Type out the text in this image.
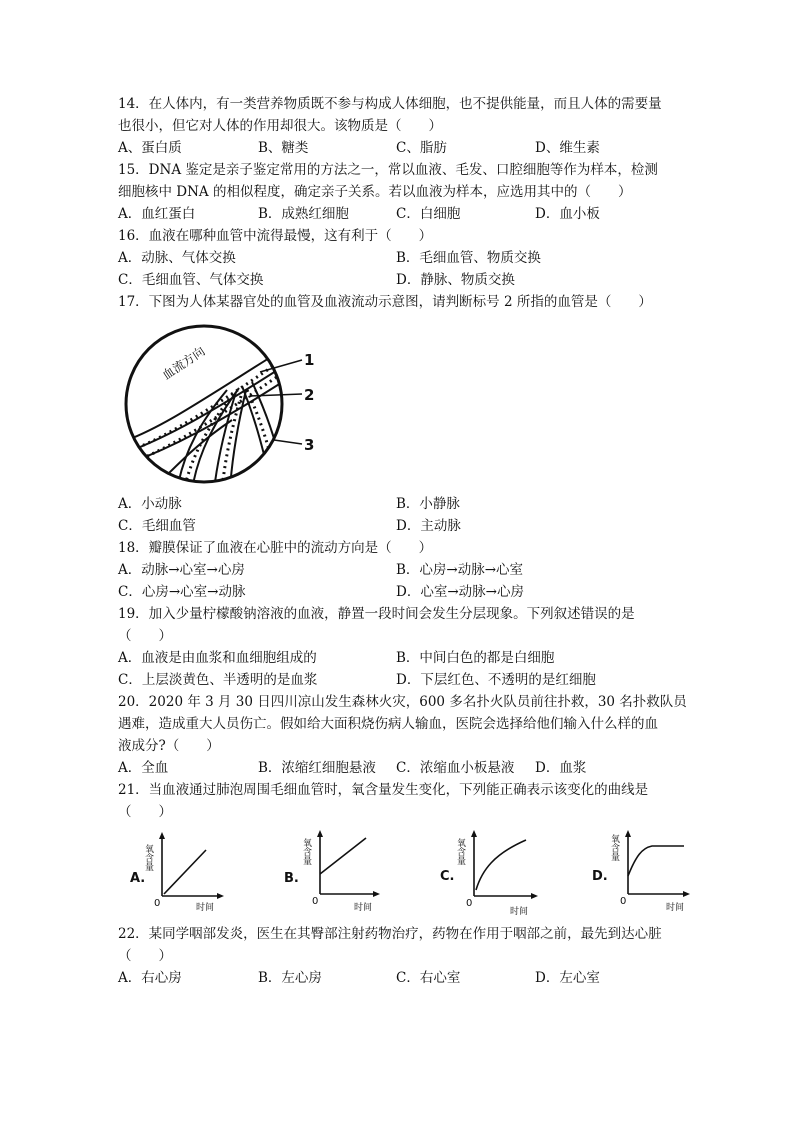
14．在人体内，有一类营养物质既不参与构成人体细胞，也不提供能量，而且人体的需要量
也很小，但它对人体的作用却很大。该物质是（　　）
A、蛋白质	B、糖类	C、脂肪	D、维生素
15．DNA 鉴定是亲子鉴定常用的方法之一，常以血液、毛发、口腔细胞等作为样本，检测
细胞核中 DNA 的相似程度，确定亲子关系。若以血液为样本，应选用其中的（　　）
A．血红蛋白	B．成熟红细胞	C．白细胞	D．血小板
16．血液在哪种血管中流得最慢，这有利于（　　）
A．动脉、气体交换	B．毛细血管、物质交换
C．毛细血管、气体交换	D．静脉、物质交换
17．下图为人体某器官处的血管及血液流动示意图，请判断标号 2 所指的血管是（　　）
血流方向	1
2
3
A．小动脉	B．小静脉
C．毛细血管	D．主动脉
18．瓣膜保证了血液在心脏中的流动方向是（　　）
A．动脉→心室→心房	B．心房→动脉→心室
C．心房→心室→动脉	D．心室→动脉→心房
19．加入少量柠檬酸钠溶液的血液，静置一段时间会发生分层现象。下列叙述错误的是
（　　）
A．血液是由血浆和血细胞组成的	B．中间白色的都是白细胞
C．上层淡黄色、半透明的是血浆	D．下层红色、不透明的是红细胞
20．2020 年 3 月 30 日四川凉山发生森林火灾，600 多名扑火队员前往扑救，30 名扑救队员
遇难，造成重大人员伤亡。假如给大面积烧伤病人输血，医院会选择给他们输入什么样的血
液成分?（　　）
A．全血	B．浓缩红细胞悬液 C．浓缩血小板悬液 D．血浆
21．当血液通过肺泡周围毛细血管时，氧含量发生变化，下列能正确表示该变化的曲线是
（　　）
A.
氧含量
0	时间
B.
氧含量
0
时间
C.
氧含量
0
时间
D.
氧含量
0
时间
22．某同学咽部发炎，医生在其臀部注射药物治疗，药物在作用于咽部之前，最先到达心脏
（　　）
A．右心房	B．左心房	C．右心室	D．左心室
